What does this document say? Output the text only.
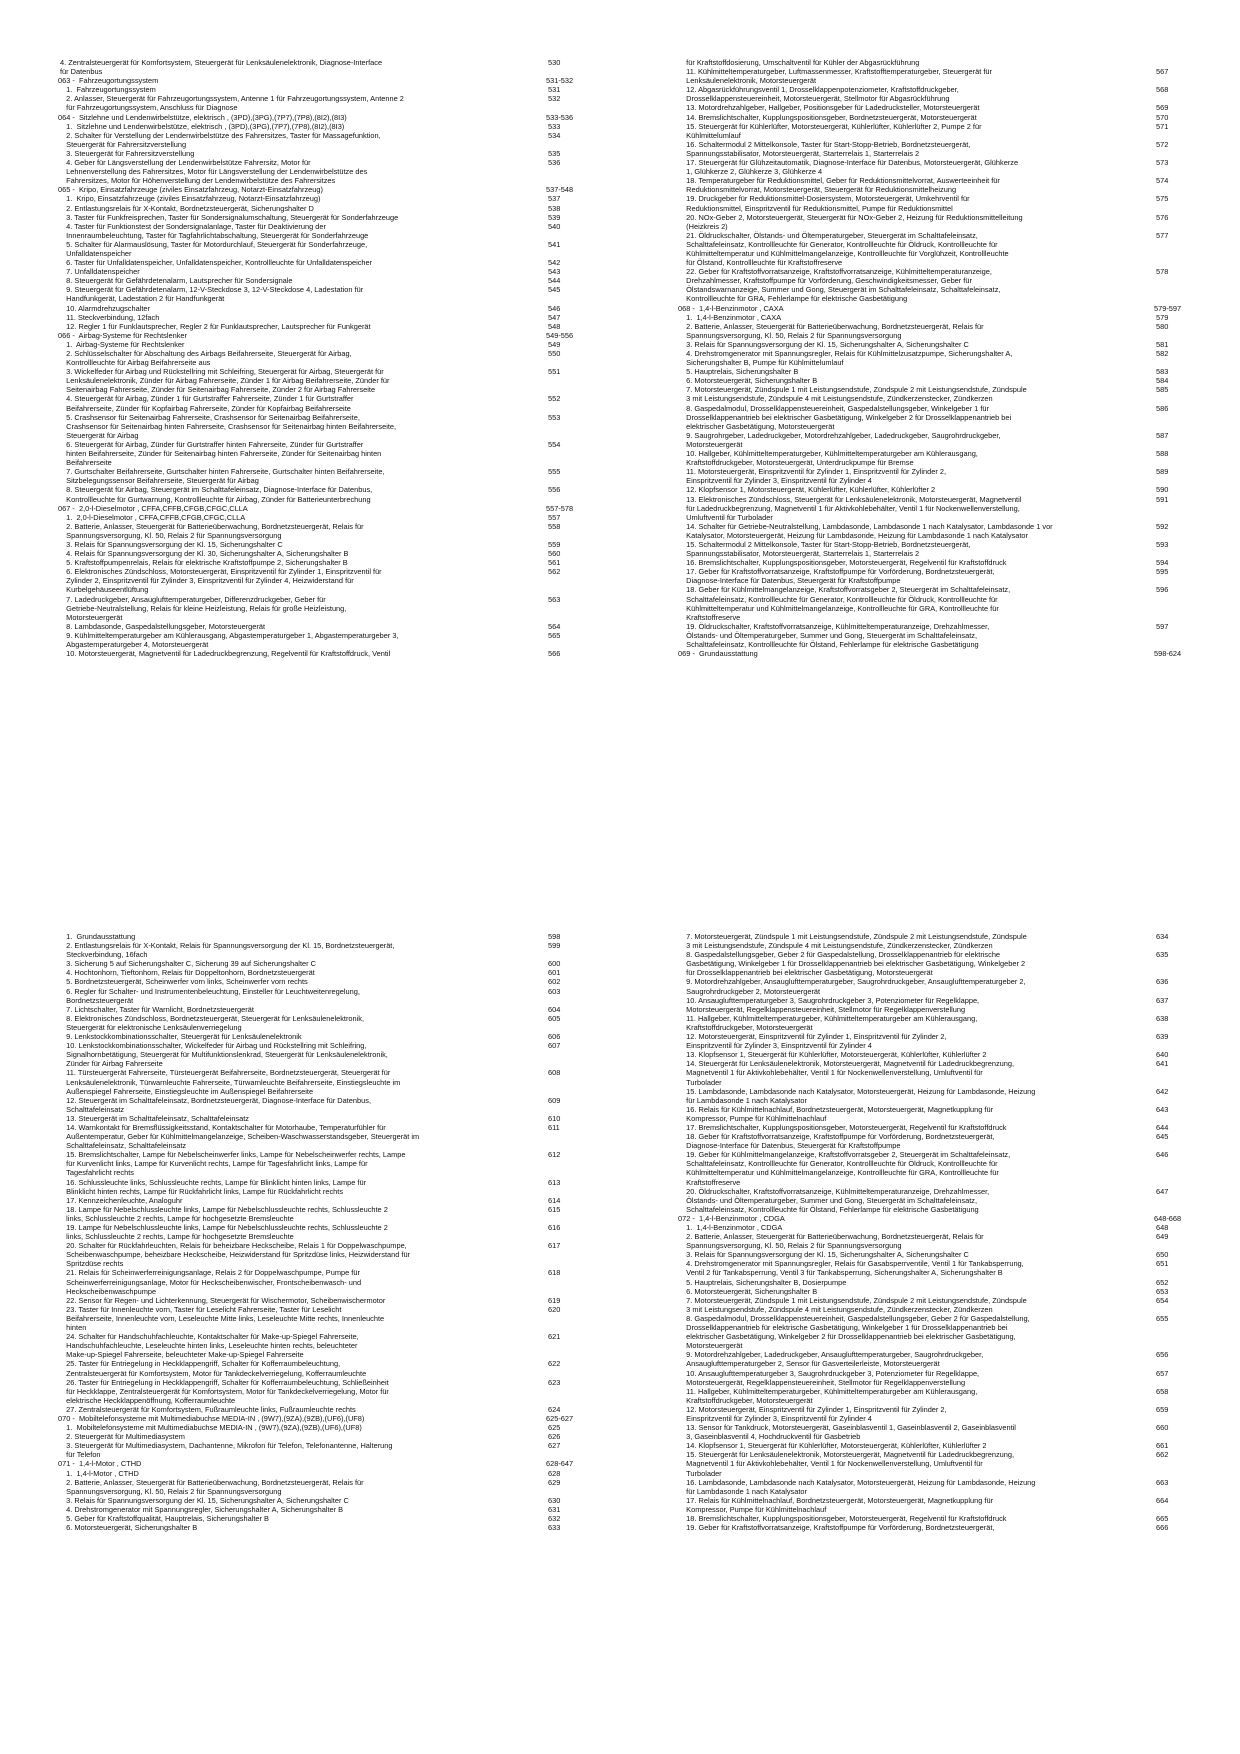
4. Zentralsteuergerät für Komfortsystem, Steuergerät für Lenksäulenelektronik, Diagnose-Interface	530
für Datenbus
063 -  Fahrzeugortungssystem	531-532
1.  Fahrzeugortungssystem	531
2. Anlasser, Steuergerät für Fahrzeugortungssystem, Antenne 1 für Fahrzeugortungssystem, Antenne 2	532
für Fahrzeugortungssystem, Anschluss für Diagnose
064 -  Sitzlehne und Lendenwirbelstütze, elektrisch , (3PD),(3PG),(7P7),(7P8),(8I2),(8I3)	533-536
1.  Sitzlehne und Lendenwirbelstütze, elektrisch , (3PD),(3PG),(7P7),(7P8),(8I2),(8I3)	533
2. Schalter für Verstellung der Lendenwirbelstütze des Fahrersitzes, Taster für Massagefunktion,	534
Steuergerät für Fahrersitzverstellung
3. Steuergerät für Fahrersitzverstellung	535
4. Geber für Längsverstellung der Lendenwirbelstütze Fahrersitz, Motor für	536
Lehnenverstellung des Fahrersitzes, Motor für Längsverstellung der Lendenwirbelstütze des
Fahrersitzes, Motor für Höhenverstellung der Lendenwirbelstütze des Fahrersitzes
065 -  Kripo, Einsatzfahrzeuge (ziviles Einsatzfahrzeug, Notarzt-Einsatzfahrzeug)	537-548
1.  Kripo, Einsatzfahrzeuge (ziviles Einsatzfahrzeug, Notarzt-Einsatzfahrzeug)	537
2. Entlastungsrelais für X-Kontakt, Bordnetzsteuergerät, Sicherungshalter D	538
3. Taster für Funkfreisprechen, Taster für Sondersignalumschaltung, Steuergerät für Sonderfahrzeuge	539
4. Taster für Funktionstest der Sondersignalanlage, Taster für Deaktivierung der	540
Innenraumbeleuchtung, Taster für Tagfahrlichtabschaltung, Steuergerät für Sonderfahrzeuge
5. Schalter für Alarmauslösung, Taster für Motordurchlauf, Steuergerät für Sonderfahrzeuge,	541
Unfalldatenspeicher
6. Taster für Unfalldatenspeicher, Unfalldatenspeicher, Kontrollleuchte für Unfalldatenspeicher	542
7. Unfalldatenspeicher	543
8. Steuergerät für Gefährdetenalarm, Lautsprecher für Sondersignale	544
9. Steuergerät für Gefährdetenalarm, 12-V-Steckdose 3, 12-V-Steckdose 4, Ladestation für	545
Handfunkgerät, Ladestation 2 für Handfunkgerät
10. Alarmdrehzugschalter	546
11. Steckverbindung, 12fach	547
12. Regler 1 für Funklautsprecher, Regler 2 für Funklautsprecher, Lautsprecher für Funkgerät	548
066 -  Airbag-Systeme für Rechtslenker	549-556
1.  Airbag-Systeme für Rechtslenker	549
2. Schlüsselschalter für Abschaltung des Airbags Beifahrerseite, Steuergerät für Airbag,	550
Kontrollleuchte für Airbag Beifahrerseite aus
3. Wickelfeder für Airbag und Rückstellring mit Schleifring, Steuergerät für Airbag, Steuergerät für	551
Lenksäulenelektronik, Zünder für Airbag Fahrerseite, Zünder 1 für Airbag Beifahrerseite, Zünder für
Seitenairbag Fahrerseite, Zünder für Seitenairbag Fahrerseite, Zünder 2 für Airbag Fahrerseite
4. Steuergerät für Airbag, Zünder 1 für Gurtstraffer Fahrerseite, Zünder 1 für Gurtstraffer	552
Beifahrerseite, Zünder für Kopfairbag Fahrerseite, Zünder für Kopfairbag Beifahrerseite
5. Crashsensor für Seitenairbag Fahrerseite, Crashsensor für Seitenairbag Beifahrerseite,	553
Crashsensor für Seitenairbag hinten Fahrerseite, Crashsensor für Seitenairbag hinten Beifahrerseite,
Steuergerät für Airbag
6. Steuergerät für Airbag, Zünder für Gurtstraffer hinten Fahrerseite, Zünder für Gurtstraffer	554
hinten Beifahrerseite, Zünder für Seitenairbag hinten Fahrerseite, Zünder für Seitenairbag hinten
Beifahrerseite
7. Gurtschalter Beifahrerseite, Gurtschalter hinten Fahrerseite, Gurtschalter hinten Beifahrerseite,	555
Sitzbelegungssensor Beifahrerseite, Steuergerät für Airbag
8. Steuergerät für Airbag, Steuergerät im Schalttafeleinsatz, Diagnose-Interface für Datenbus,	556
Kontrollleuchte für Gurtwarnung, Kontrollleuchte für Airbag, Zünder für Batterieunterbrechung
067 -  2,0-l-Dieselmotor , CFFA,CFFB,CFGB,CFGC,CLLA	557-578
1.  2,0-l-Dieselmotor , CFFA,CFFB,CFGB,CFGC,CLLA	557
2. Batterie, Anlasser, Steuergerät für Batterieüberwachung, Bordnetzsteuergerät, Relais für	558
Spannungsversorgung, Kl. 50, Relais 2 für Spannungsversorgung
3. Relais für Spannungsversorgung der Kl. 15, Sicherungshalter C	559
4. Relais für Spannungsversorgung der Kl. 30, Sicherungshalter A, Sicherungshalter B	560
5. Kraftstoffpumpenrelais, Relais für elektrische Kraftstoffpumpe 2, Sicherungshalter B	561
6. Elektronisches Zündschloss, Motorsteuergerät, Einspritzventil für Zylinder 1, Einspritzventil für	562
Zylinder 2, Einspritzventil für Zylinder 3, Einspritzventil für Zylinder 4, Heizwiderstand für
Kurbelgehäuseentlüftung
7. Ladedruckgeber, Ansauglufttemperaturgeber, Differenzdruckgeber, Geber für	563
Getriebe-Neutralstellung, Relais für kleine Heizleistung, Relais für große Heizleistung,
Motorsteuergerät
8. Lambdasonde, Gaspedalstellungsgeber, Motorsteuergerät	564
9. Kühlmitteltemperaturgeber am Kühlerausgang, Abgastemperaturgeber 1, Abgastemperaturgeber 3,	565
Abgastemperaturgeber 4, Motorsteuergerät
10. Motorsteuergerät, Magnetventil für Ladedruckbegrenzung, Regelventil für Kraftstoffdruck, Ventil	566
für Kraftstoffdosierung, Umschaltventil für Kühler der Abgasrückführung
11. Kühlmitteltemperaturgeber, Luftmassenmesser, Kraftstofftemperaturgeber, Steuergerät für	567
Lenksäulenelektronik, Motorsteuergerät
12. Abgasrückführungsventil 1, Drosselklappenpotenziometer, Kraftstoffdruckgeber,	568
Drosselklappensteuereinheit, Motorsteuergerät, Stellmotor für Abgasrückführung
13. Motordrehzahlgeber, Hallgeber, Positionsgeber für Ladedrucksteller, Motorsteuergerät	569
14. Bremslichtschalter, Kupplungspositionsgeber, Bordnetzsteuergerät, Motorsteuergerät	570
15. Steuergerät für Kühlerlüfter, Motorsteuergerät, Kühlerlüfter, Kühlerlüfter 2, Pumpe 2 für	571
Kühlmittelumlauf
16. Schaltermodul 2 Mittelkonsole, Taster für Start-Stopp-Betrieb, Bordnetzsteuergerät,	572
Spannungsstabilisator, Motorsteuergerät, Starterrelais 1, Starterrelais 2
17. Steuergerät für Glühzeitautomatik, Diagnose-Interface für Datenbus, Motorsteuergerät, Glühkerze	573
1, Glühkerze 2, Glühkerze 3, Glühkerze 4
18. Temperaturgeber für Reduktionsmittel, Geber für Reduktionsmittelvorrat, Auswerteeinheit für	574
Reduktionsmittelvorrat, Motorsteuergerät, Steuergerät für Reduktionsmittelheizung
19. Druckgeber für Reduktionsmittel-Dosiersystem, Motorsteuergerät, Umkehrventil für	575
Reduktionsmittel, Einspritzventil für Reduktionsmittel, Pumpe für Reduktionsmittel
20. NOx-Geber 2, Motorsteuergerät, Steuergerät für NOx-Geber 2, Heizung für Reduktionsmittelleitung	576
(Heizkreis 2)
21. Öldruckschalter, Ölstands- und Öltemperaturgeber, Steuergerät im Schalttafeleinsatz,	577
Schalttafeleinsatz, Kontrollleuchte für Generator, Kontrollleuchte für Öldruck, Kontrollleuchte für
Kühlmitteltemperatur und Kühlmittelmangelanzeige, Kontrollleuchte für Vorglühzeit, Kontrollleuchte
für Ölstand, Kontrollleuchte für Kraftstoffreserve
22. Geber für Kraftstoffvorratsanzeige, Kraftstoffvorratsanzeige, Kühlmitteltemperaturanzeige,	578
Drehzahlmesser, Kraftstoffpumpe für Vorförderung, Geschwindigkeitsmesser, Geber für
Ölstandswarnanzeige, Summer und Gong, Steuergerät im Schalttafeleinsatz, Schalttafeleinsatz,
Kontrollleuchte für GRA, Fehlerlampe für elektrische Gasbetätigung
068 -  1,4-l-Benzinmotor , CAXA	579-597
1.  1,4-l-Benzinmotor , CAXA	579
2. Batterie, Anlasser, Steuergerät für Batterieüberwachung, Bordnetzsteuergerät, Relais für	580
Spannungsversorgung, Kl. 50, Relais 2 für Spannungsversorgung
3. Relais für Spannungsversorgung der Kl. 15, Sicherungshalter A, Sicherungshalter C	581
4. Drehstromgenerator mit Spannungsregler, Relais für Kühlmittelzusatzpumpe, Sicherungshalter A,	582
Sicherungshalter B, Pumpe für Kühlmittelumlauf
5. Hauptrelais, Sicherungshalter B	583
6. Motorsteuergerät, Sicherungshalter B	584
7. Motorsteuergerät, Zündspule 1 mit Leistungsendstufe, Zündspule 2 mit Leistungsendstufe, Zündspule	585
3 mit Leistungsendstufe, Zündspule 4 mit Leistungsendstufe, Zündkerzenstecker, Zündkerzen
8. Gaspedalmodul, Drosselklappensteuereinheit, Gaspedalstellungsgeber, Winkelgeber 1 für	586
Drosselklappenantrieb bei elektrischer Gasbetätigung, Winkelgeber 2 für Drosselklappenantrieb bei
elektrischer Gasbetätigung, Motorsteuergerät
9. Saugrohrgeber, Ladedruckgeber, Motordrehzahlgeber, Ladedruckgeber, Saugrohrdruckgeber,	587
Motorsteuergerät
10. Hallgeber, Kühlmitteltemperaturgeber, Kühlmitteltemperaturgeber am Kühlerausgang,	588
Kraftstoffdruckgeber, Motorsteuergerät, Unterdruckpumpe für Bremse
11. Motorsteuergerät, Einspritzventil für Zylinder 1, Einspritzventil für Zylinder 2,	589
Einspritzventil für Zylinder 3, Einspritzventil für Zylinder 4
12. Klopfsensor 1, Motorsteuergerät, Kühlerlüfter, Kühlerlüfter, Kühlerlüfter 2	590
13. Elektronisches Zündschloss, Steuergerät für Lenksäulenelektronik, Motorsteuergerät, Magnetventil	591
für Ladedruckbegrenzung, Magnetventil 1 für Aktivkohlebehälter, Ventil 1 für Nockenwellenverstellung,
Umluftventil für Turbolader
14. Schalter für Getriebe-Neutralstellung, Lambdasonde, Lambdasonde 1 nach Katalysator, Lambdasonde 1 vor	592
Katalysator, Motorsteuergerät, Heizung für Lambdasonde, Heizung für Lambdasonde 1 nach Katalysator
15. Schaltermodul 2 Mittelkonsole, Taster für Start-Stopp-Betrieb, Bordnetzsteuergerät,	593
Spannungsstabilisator, Motorsteuergerät, Starterrelais 1, Starterrelais 2
16. Bremslichtschalter, Kupplungspositionsgeber, Motorsteuergerät, Regelventil für Kraftstoffdruck	594
17. Geber für Kraftstoffvorratsanzeige, Kraftstoffpumpe für Vorförderung, Bordnetzsteuergerät,	595
Diagnose-Interface für Datenbus, Steuergerät für Kraftstoffpumpe
18. Geber für Kühlmittelmangelanzeige, Kraftstoffvorratsgeber 2, Steuergerät im Schalttafeleinsatz,	596
Schalttafeleinsatz, Kontrollleuchte für Generator, Kontrollleuchte für Öldruck, Kontrollleuchte für
Kühlmitteltemperatur und Kühlmittelmangelanzeige, Kontrollleuchte für GRA, Kontrollleuchte für
Kraftstoffreserve
19. Öldruckschalter, Kraftstoffvorratsanzeige, Kühlmitteltemperaturanzeige, Drehzahlmesser,	597
Ölstands- und Öltemperaturgeber, Summer und Gong, Steuergerät im Schalttafeleinsatz,
Schalttafeleinsatz, Kontrollleuchte für Ölstand, Fehlerlampe für elektrische Gasbetätigung
069 -  Grundausstattung	598-624
1.  Grundausstattung	598
2. Entlastungsrelais für X-Kontakt, Relais für Spannungsversorgung der Kl. 15, Bordnetzsteuergerät,	599
Steckverbindung, 16fach
3. Sicherung 5 auf Sicherungshalter C, Sicherung 39 auf Sicherungshalter C	600
4. Hochtonhorn, Tieftonhorn, Relais für Doppeltonhorn, Bordnetzsteuergerät	601
5. Bordnetzsteuergerät, Scheinwerfer vorn links, Scheinwerfer vorn rechts	602
6. Regler für Schalter- und Instrumentenbeleuchtung, Einsteller für Leuchtweitenregelung,	603
Bordnetzsteuergerät
7. Lichtschalter, Taster für Warnlicht, Bordnetzsteuergerät	604
8. Elektronisches Zündschloss, Bordnetzsteuergerät, Steuergerät für Lenksäulenelektronik,	605
Steuergerät für elektronische Lenksäulenverriegelung
9. Lenkstockkombinationsschalter, Steuergerät für Lenksäulenelektronik	606
10. Lenkstockkombinationsschalter, Wickelfeder für Airbag und Rückstellring mit Schleifring,	607
Signalhornbetätigung, Steuergerät für Multifunktionslenkrad, Steuergerät für Lenksäulenelektronik,
Zünder für Airbag Fahrerseite
11. Türsteuergerät Fahrerseite, Türsteuergerät Beifahrerseite, Bordnetzsteuergerät, Steuergerät für	608
Lenksäulenelektronik, Türwarnleuchte Fahrerseite, Türwarnleuchte Beifahrerseite, Einstiegsleuchte im
Außenspiegel Fahrerseite, Einstiegsleuchte im Außenspiegel Beifahrerseite
12. Steuergerät im Schalttafeleinsatz, Bordnetzsteuergerät, Diagnose-Interface für Datenbus,	609
Schalttafeleinsatz
13. Steuergerät im Schalttafeleinsatz, Schalttafeleinsatz	610
14. Warnkontakt für Bremsflüssigkeitsstand, Kontaktschalter für Motorhaube, Temperaturfühler für	611
Außentemperatur, Geber für Kühlmittelmangelanzeige, Scheiben-Waschwasserstandsgeber, Steuergerät im
Schalttafeleinsatz, Schalttafeleinsatz
15. Bremslichtschalter, Lampe für Nebelscheinwerfer links, Lampe für Nebelscheinwerfer rechts, Lampe	612
für Kurvenlicht links, Lampe für Kurvenlicht rechts, Lampe für Tagesfahrlicht links, Lampe für
Tagesfahrlicht rechts
16. Schlussleuchte links, Schlussleuchte rechts, Lampe für Blinklicht hinten links, Lampe für	613
Blinklicht hinten rechts, Lampe für Rückfahrlicht links, Lampe für Rückfahrlicht rechts
17. Kennzeichenleuchte, Analoguhr	614
18. Lampe für Nebelschlussleuchte links, Lampe für Nebelschlussleuchte rechts, Schlussleuchte 2	615
links, Schlussleuchte 2 rechts, Lampe für hochgesetzte Bremsleuchte
19. Lampe für Nebelschlussleuchte links, Lampe für Nebelschlussleuchte rechts, Schlussleuchte 2	616
links, Schlussleuchte 2 rechts, Lampe für hochgesetzte Bremsleuchte
20. Schalter für Rückfahrleuchten, Relais für beheizbare Heckscheibe, Relais 1 für Doppelwaschpumpe,	617
Scheibenwaschpumpe, beheizbare Heckscheibe, Heizwiderstand für Spritzdüse links, Heizwiderstand für
Spritzdüse rechts
21. Relais für Scheinwerferreinigungsanlage, Relais 2 für Doppelwaschpumpe, Pumpe für	618
Scheinwerferreinigungsanlage, Motor für Heckscheibenwischer, Frontscheibenwasch- und
Heckscheibenwaschpumpe
22. Sensor für Regen- und Lichterkennung, Steuergerät für Wischermotor, Scheibenwischermotor	619
23. Taster für Innenleuchte vorn, Taster für Leselicht Fahrerseite, Taster für Leselicht	620
Beifahrerseite, Innenleuchte vorn, Leseleuchte Mitte links, Leseleuchte Mitte rechts, Innenleuchte
hinten
24. Schalter für Handschuhfachleuchte, Kontaktschalter für Make-up-Spiegel Fahrerseite,	621
Handschuhfachleuchte, Leseleuchte hinten links, Leseleuchte hinten rechts, beleuchteter
Make-up-Spiegel Fahrerseite, beleuchteter Make-up-Spiegel Fahrerseite
25. Taster für Entriegelung in Heckklappengriff, Schalter für Kofferraumbeleuchtung,	622
Zentralsteuergerät für Komfortsystem, Motor für Tankdeckelverriegelung, Kofferraumleuchte
26. Taster für Entriegelung in Heckklappengriff, Schalter für Kofferraumbeleuchtung, Schließeinheit	623
für Heckklappe, Zentralsteuergerät für Komfortsystem, Motor für Tankdeckelverriegelung, Motor für
elektrische Heckklappenöffnung, Kofferraumleuchte
27. Zentralsteuergerät für Komfortsystem, Fußraumleuchte links, Fußraumleuchte rechts	624
070 -  Mobiltelefonsysteme mit Multimediabuchse MEDIA-IN , (9W7),(9ZA),(9ZB),(UF6),(UF8)	625-627
1.  Mobiltelefonsysteme mit Multimediabuchse MEDIA-IN , (9W7),(9ZA),(9ZB),(UF6),(UF8)	625
2. Steuergerät für Multimediasystem	626
3. Steuergerät für Multimediasystem, Dachantenne, Mikrofon für Telefon, Telefonantenne, Halterung	627
für Telefon
071 -  1,4-l-Motor , CTHD	628-647
1.  1,4-l-Motor , CTHD	628
2. Batterie, Anlasser, Steuergerät für Batterieüberwachung, Bordnetzsteuergerät, Relais für	629
Spannungsversorgung, Kl. 50, Relais 2 für Spannungsversorgung
3. Relais für Spannungsversorgung der Kl. 15, Sicherungshalter A, Sicherungshalter C	630
4. Drehstromgenerator mit Spannungsregler, Sicherungshalter A, Sicherungshalter B	631
5. Geber für Kraftstoffqualität, Hauptrelais, Sicherungshalter B	632
6. Motorsteuergerät, Sicherungshalter B	633
7. Motorsteuergerät, Zündspule 1 mit Leistungsendstufe, Zündspule 2 mit Leistungsendstufe, Zündspule	634
3 mit Leistungsendstufe, Zündspule 4 mit Leistungsendstufe, Zündkerzenstecker, Zündkerzen
8. Gaspedalstellungsgeber, Geber 2 für Gaspedalstellung, Drosselklappenantrieb für elektrische	635
Gasbetätigung, Winkelgeber 1 für Drosselklappenantrieb bei elektrischer Gasbetätigung, Winkelgeber 2
für Drosselklappenantrieb bei elektrischer Gasbetätigung, Motorsteuergerät
9. Motordrehzahlgeber, Ansauglufttemperaturgeber, Saugrohrdruckgeber, Ansauglufttemperaturgeber 2,	636
Saugrohrdruckgeber 2, Motorsteuergerät
10. Ansauglufttemperaturgeber 3, Saugrohrdruckgeber 3, Potenziometer für Regelklappe,	637
Motorsteuergerät, Regelklappensteuereinheit, Stellmotor für Regelklappenverstellung
11. Hallgeber, Kühlmitteltemperaturgeber, Kühlmitteltemperaturgeber am Kühlerausgang,	638
Kraftstoffdruckgeber, Motorsteuergerät
12. Motorsteuergerät, Einspritzventil für Zylinder 1, Einspritzventil für Zylinder 2,	639
Einspritzventil für Zylinder 3, Einspritzventil für Zylinder 4
13. Klopfsensor 1, Steuergerät für Kühlerlüfter, Motorsteuergerät, Kühlerlüfter, Kühlerlüfter 2	640
14. Steuergerät für Lenksäulenelektronik, Motorsteuergerät, Magnetventil für Ladedruckbegrenzung,	641
Magnetventil 1 für Aktivkohlebehälter, Ventil 1 für Nockenwellenverstellung, Umluftventil für
Turbolader
15. Lambdasonde, Lambdasonde nach Katalysator, Motorsteuergerät, Heizung für Lambdasonde, Heizung	642
für Lambdasonde 1 nach Katalysator
16. Relais für Kühlmittelnachlauf, Bordnetzsteuergerät, Motorsteuergerät, Magnetkupplung für	643
Kompressor, Pumpe für Kühlmittelnachlauf
17. Bremslichtschalter, Kupplungspositionsgeber, Motorsteuergerät, Regelventil für Kraftstoffdruck	644
18. Geber für Kraftstoffvorratsanzeige, Kraftstoffpumpe für Vorförderung, Bordnetzsteuergerät,	645
Diagnose-Interface für Datenbus, Steuergerät für Kraftstoffpumpe
19. Geber für Kühlmittelmangelanzeige, Kraftstoffvorratsgeber 2, Steuergerät im Schalttafeleinsatz,	646
Schalttafeleinsatz, Kontrollleuchte für Generator, Kontrollleuchte für Öldruck, Kontrollleuchte für
Kühlmitteltemperatur und Kühlmittelmangelanzeige, Kontrollleuchte für GRA, Kontrollleuchte für
Kraftstoffreserve
20. Öldruckschalter, Kraftstoffvorratsanzeige, Kühlmitteltemperaturanzeige, Drehzahlmesser,	647
Ölstands- und Öltemperaturgeber, Summer und Gong, Steuergerät im Schalttafeleinsatz,
Schalttafeleinsatz, Kontrollleuchte für Ölstand, Fehlerlampe für elektrische Gasbetätigung
072 -  1,4-l-Benzinmotor , CDGA	648-668
1.  1,4-l-Benzinmotor , CDGA	648
2. Batterie, Anlasser, Steuergerät für Batterieüberwachung, Bordnetzsteuergerät, Relais für	649
Spannungsversorgung, Kl. 50, Relais 2 für Spannungsversorgung
3. Relais für Spannungsversorgung der Kl. 15, Sicherungshalter A, Sicherungshalter C	650
4. Drehstromgenerator mit Spannungsregler, Relais für Gasabsperrventile, Ventil 1 für Tankabsperrung,	651
Ventil 2 für Tankabsperrung, Ventil 3 für Tankabsperrung, Sicherungshalter A, Sicherungshalter B
5. Hauptrelais, Sicherungshalter B, Dosierpumpe	652
6. Motorsteuergerät, Sicherungshalter B	653
7. Motorsteuergerät, Zündspule 1 mit Leistungsendstufe, Zündspule 2 mit Leistungsendstufe, Zündspule	654
3 mit Leistungsendstufe, Zündspule 4 mit Leistungsendstufe, Zündkerzenstecker, Zündkerzen
8. Gaspedalmodul, Drosselklappensteuereinheit, Gaspedalstellungsgeber, Geber 2 für Gaspedalstellung,	655
Drosselklappenantrieb für elektrische Gasbetätigung, Winkelgeber 1 für Drosselklappenantrieb bei
elektrischer Gasbetätigung, Winkelgeber 2 für Drosselklappenantrieb bei elektrischer Gasbetätigung,
Motorsteuergerät
9. Motordrehzahlgeber, Ladedruckgeber, Ansauglufttemperaturgeber, Saugrohrdruckgeber,	656
Ansauglufttemperaturgeber 2, Sensor für Gasverteilerleiste, Motorsteuergerät
10. Ansauglufttemperaturgeber 3, Saugrohrdruckgeber 3, Potenziometer für Regelklappe,	657
Motorsteuergerät, Regelklappensteuereinheit, Stellmotor für Regelklappenverstellung
11. Hallgeber, Kühlmitteltemperaturgeber, Kühlmitteltemperaturgeber am Kühlerausgang,	658
Kraftstoffdruckgeber, Motorsteuergerät
12. Motorsteuergerät, Einspritzventil für Zylinder 1, Einspritzventil für Zylinder 2,	659
Einspritzventil für Zylinder 3, Einspritzventil für Zylinder 4
13. Sensor für Tankdruck, Motorsteuergerät, Gaseinblasventil 1, Gaseinblasventil 2, Gaseinblasventil	660
3, Gaseinblasventil 4, Hochdruckventil für Gasbetrieb
14. Klopfsensor 1, Steuergerät für Kühlerlüfter, Motorsteuergerät, Kühlerlüfter, Kühlerlüfter 2	661
15. Steuergerät für Lenksäulenelektronik, Motorsteuergerät, Magnetventil für Ladedruckbegrenzung,	662
Magnetventil 1 für Aktivkohlebehälter, Ventil 1 für Nockenwellenverstellung, Umluftventil für
Turbolader
16. Lambdasonde, Lambdasonde nach Katalysator, Motorsteuergerät, Heizung für Lambdasonde, Heizung	663
für Lambdasonde 1 nach Katalysator
17. Relais für Kühlmittelnachlauf, Bordnetzsteuergerät, Motorsteuergerät, Magnetkupplung für	664
Kompressor, Pumpe für Kühlmittelnachlauf
18. Bremslichtschalter, Kupplungspositionsgeber, Motorsteuergerät, Regelventil für Kraftstoffdruck	665
19. Geber für Kraftstoffvorratsanzeige, Kraftstoffpumpe für Vorförderung, Bordnetzsteuergerät,	666
